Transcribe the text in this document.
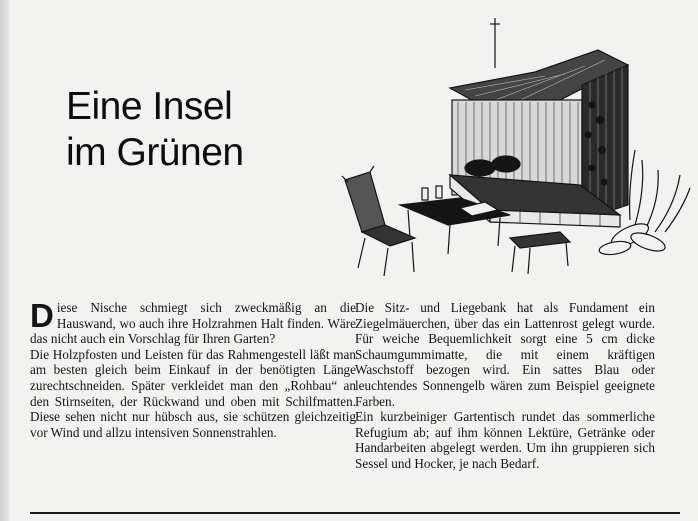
Eine Insel
im Grünen

Diese Nische schmiegt sich zweckmäßig an die Hauswand, wo auch ihre Holzrahmen Halt finden. Wäre das nicht auch ein Vorschlag für Ihren Garten?

Die Holzpfosten und Leisten für das Rahmengestell läßt man am besten gleich beim Einkauf in der benötigten Länge zurechtschneiden. Später verkleidet man den „Rohbau“ an den Stirnseiten, der Rückwand und oben mit Schilfmatten. Diese sehen nicht nur hübsch aus, sie schützen gleichzeitig vor Wind und allzu intensiven Sonnenstrahlen.

Die Sitz- und Liegebank hat als Fundament ein Ziegelmäuerchen, über das ein Lattenrost gelegt wurde. Für weiche Bequemlichkeit sorgt eine 5 cm dicke Schaumgummimatte, die mit einem kräftigen Waschstoff bezogen wird. Ein sattes Blau oder leuchtendes Sonnengelb wären zum Beispiel geeignete Farben.

Ein kurzbeiniger Gartentisch rundet das sommerliche Refugium ab; auf ihm können Lektüre, Getränke oder Handarbeiten abgelegt werden. Um ihn gruppieren sich Sessel und Hocker, je nach Bedarf.
